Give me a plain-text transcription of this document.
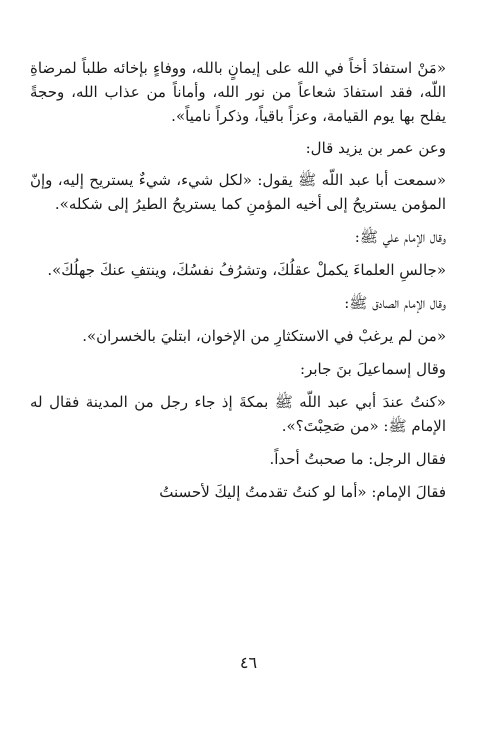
«مَنْ استفادَ أخاً في الله على إيمانٍ بالله، ووفاءٍ بإخائه طلباً لمرضاةِ اللّه، فقد استفادَ شعاعاً من نور الله، وأماناً من عذاب الله، وحجةً يفلح بها يوم القيامة، وعزاً باقياً، وذكراً نامياً».

وعن عمر بن يزيد قال:

«سمعت أبا عبد اللّه ﷺ يقول: «لكل شيء، شيءٌ يستريح إليه، وإنّ المؤمن يستريحُ إلى أخيه المؤمنِ كما يستريحُ الطيرُ إلى شكله».

وقال الإمام علي ﷺ:

«جالسِ العلماءَ يكملْ عقلُكَ، وتشرُفُ نفسُكَ، وينتفِ عنكَ جهلُكَ».

وقال الإمام الصادق ﷺ:

«من لم يرغبْ في الاستكثارِ من الإخوان، ابتليَ بالخسران».

وقال إسماعيلَ بنَ جابر:

«كنتُ عندَ أبي عبد اللّه ﷺ بمكةَ إذ جاء رجل من المدينة فقال له الإمام ﷺ: «من صَحِبْتَ؟».

فقال الرجل: ما صحبتُ أحداً.

فقالَ الإمام: «أما لو كنتُ تقدمتُ إليكَ لأحسنتُ

٤٦
